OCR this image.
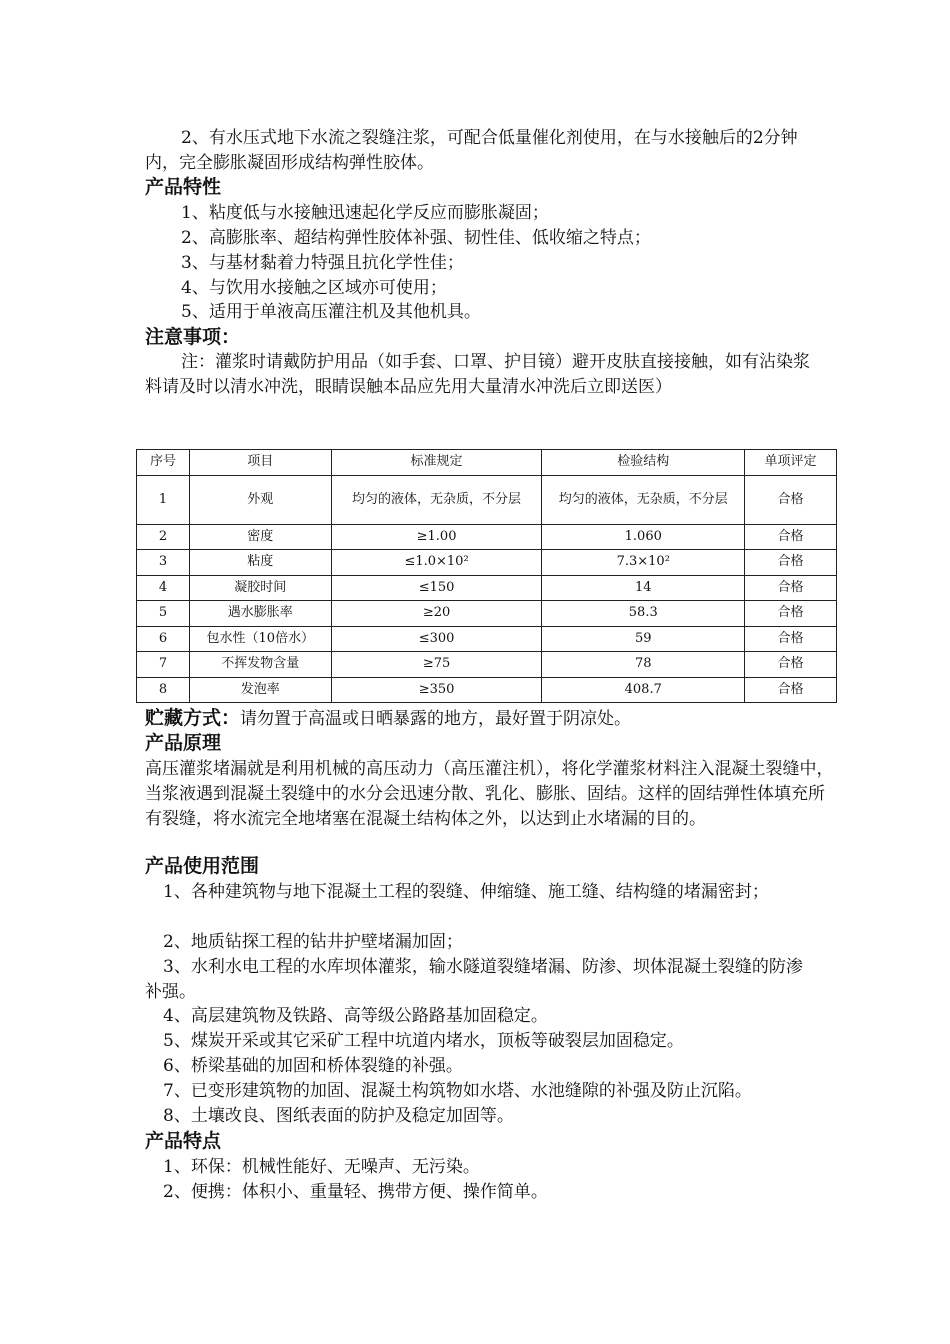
2、有水压式地下水流之裂缝注浆，可配合低量催化剂使用，在与水接触后的2分钟内，完全膨胀凝固形成结构弹性胶体。

产品特性

1、粘度低与水接触迅速起化学反应而膨胀凝固；

2、高膨胀率、超结构弹性胶体补强、韧性佳、低收缩之特点；

3、与基材黏着力特强且抗化学性佳；

4、与饮用水接触之区域亦可使用；

5、适用于单液高压灌注机及其他机具。

注意事项：

注：灌浆时请戴防护用品（如手套、口罩、护目镜）避开皮肤直接接触，如有沾染浆料请及时以清水冲洗，眼睛误触本品应先用大量清水冲洗后立即送医）

序号	项目	标准规定	检验结构	单项评定
1	外观	均匀的液体，无杂质，不分层	均匀的液体，无杂质，不分层	合格
2	密度	≥1.00	1.060	合格
3	粘度	≤1.0×10²	7.3×10²	合格
4	凝胶时间	≤150	14	合格
5	遇水膨胀率	≥20	58.3	合格
6	包水性（10倍水）	≤300	59	合格
7	不挥发物含量	≥75	78	合格
8	发泡率	≥350	408.7	合格

贮藏方式：请勿置于高温或日晒暴露的地方，最好置于阴凉处。

产品原理

高压灌浆堵漏就是利用机械的高压动力（高压灌注机），将化学灌浆材料注入混凝土裂缝中，当浆液遇到混凝土裂缝中的水分会迅速分散、乳化、膨胀、固结。这样的固结弹性体填充所有裂缝，将水流完全地堵塞在混凝土结构体之外，以达到止水堵漏的目的。

产品使用范围

1、各种建筑物与地下混凝土工程的裂缝、伸缩缝、施工缝、结构缝的堵漏密封；

2、地质钻探工程的钻井护壁堵漏加固；

3、水利水电工程的水库坝体灌浆，输水隧道裂缝堵漏、防渗、坝体混凝土裂缝的防渗补强。

4、高层建筑物及铁路、高等级公路路基加固稳定。

5、煤炭开采或其它采矿工程中坑道内堵水，顶板等破裂层加固稳定。

6、桥梁基础的加固和桥体裂缝的补强。

7、已变形建筑物的加固、混凝土构筑物如水塔、水池缝隙的补强及防止沉陷。

8、土壤改良、图纸表面的防护及稳定加固等。

产品特点

1、环保：机械性能好、无噪声、无污染。

2、便携：体积小、重量轻、携带方便、操作简单。
